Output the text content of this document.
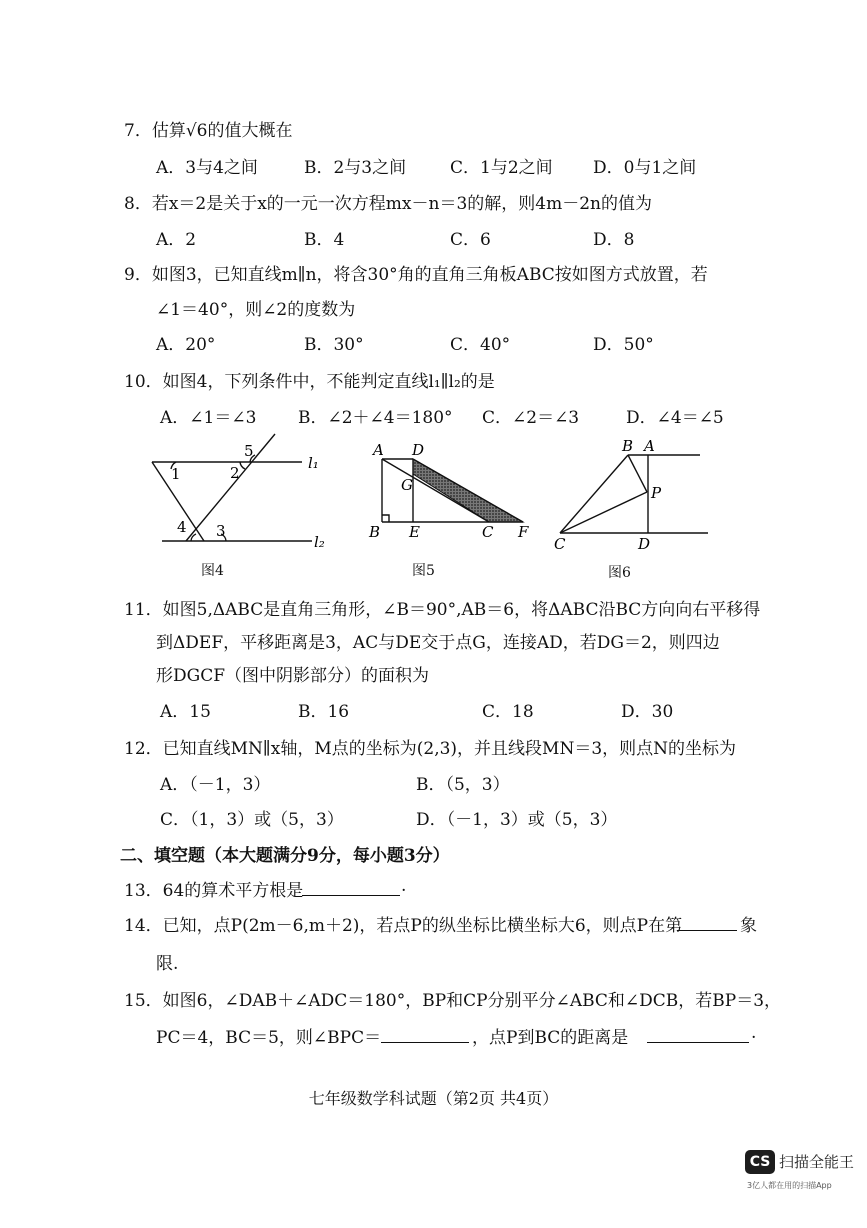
7．估算√6的值大概在
A．3与4之间	B．2与3之间	C．1与2之间 D．0与1之间
8．若x＝2是关于x的一元一次方程mx－n＝3的解，则4m－2n的值为
A．2	B．4	C．6	D．8
9．如图3，已知直线m∥n，将含30°角的直角三角板ABC按如图方式放置，若
∠1＝40°，则∠2的度数为
A．20°	B．30°	C．40°	D．50°
10．如图4，下列条件中，不能判定直线l₁∥l₂的是
A．∠1＝∠3 B．∠2＋∠4＝180° C．∠2＝∠3	D．∠4＝∠5
1	2
5
4 3
l₁
l₂
A D
G
B E	C F
B A
P
C	D
图4	图5	图6
11．如图5,ΔABC是直角三角形，∠B＝90°,AB＝6，将ΔABC沿BC方向向右平移得
到ΔDEF，平移距离是3，AC与DE交于点G，连接AD，若DG＝2，则四边
形DGCF（图中阴影部分）的面积为
A．15	B．16	C．18	D．30
12．已知直线MN∥x轴，M点的坐标为(2,3)，并且线段MN＝3，则点N的坐标为
A．（－1，3）	B．（5，3）
C．（1，3）或（5，3）	D．（－1，3）或（5，3）
二、填空题（本大题满分9分，每小题3分）
13．64的算术平方根是	.
14．已知，点P(2m－6,m＋2)，若点P的纵坐标比横坐标大6，则点P在第	象
限.
15．如图6，∠DAB＋∠ADC＝180°，BP和CP分别平分∠ABC和∠DCB，若BP＝3，
PC＝4，BC＝5，则∠BPC＝	，点P到BC的距离是	.
七年级数学科试题（第2页 共4页）
CS 扫描全能王
3亿人都在用的扫描App
